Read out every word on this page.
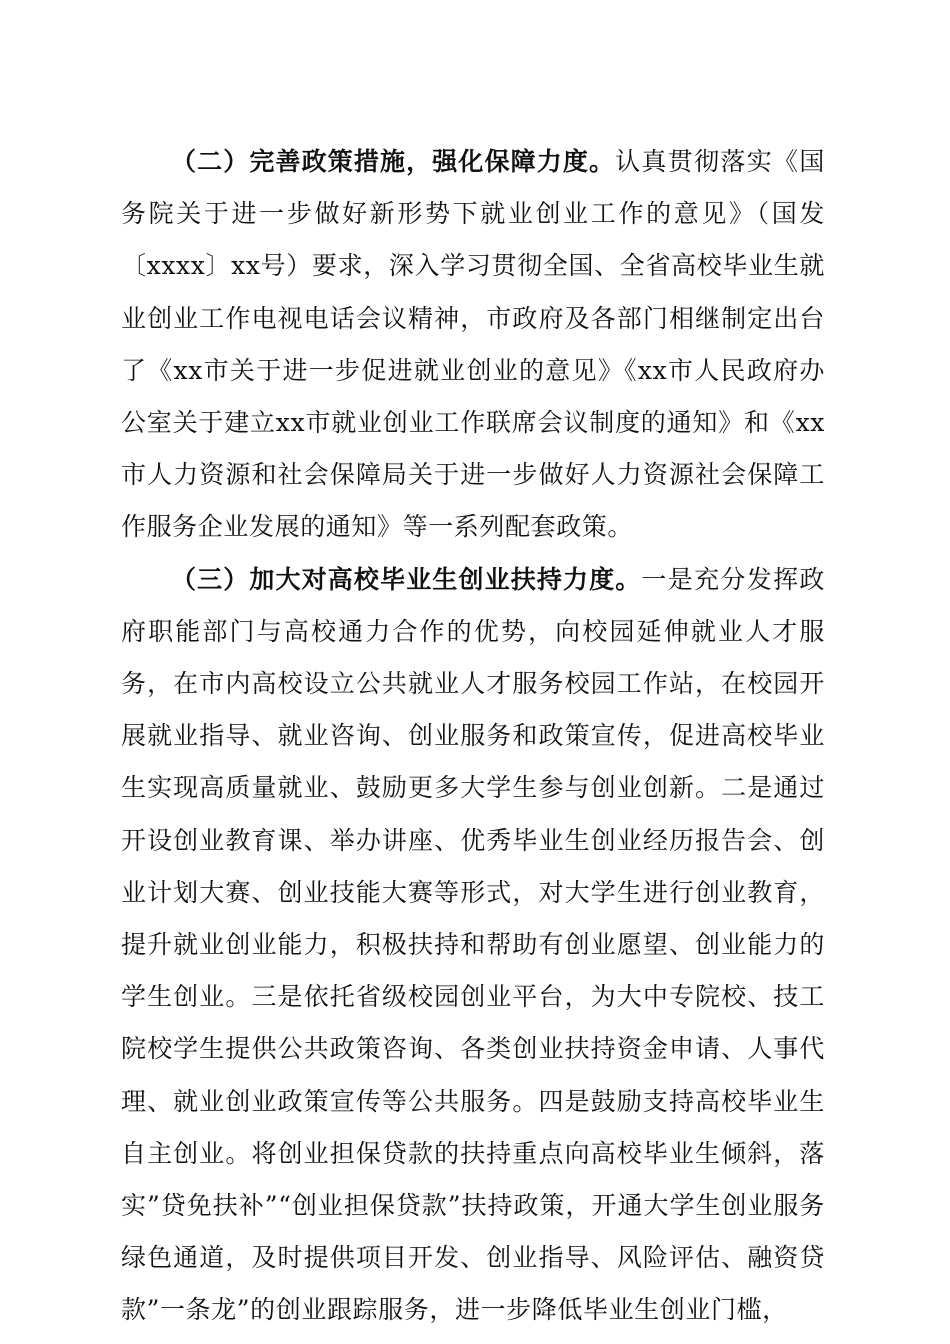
（二）完善政策措施，强化保障力度。认真贯彻落实《国务院关于进一步做好新形势下就业创业工作的意见》（国发〔xxxx〕xx号）要求，深入学习贯彻全国、全省高校毕业生就业创业工作电视电话会议精神，市政府及各部门相继制定出台了《xx市关于进一步促进就业创业的意见》《xx市人民政府办公室关于建立xx市就业创业工作联席会议制度的通知》和《xx市人力资源和社会保障局关于进一步做好人力资源社会保障工作服务企业发展的通知》等一系列配套政策。

（三）加大对高校毕业生创业扶持力度。一是充分发挥政府职能部门与高校通力合作的优势，向校园延伸就业人才服务，在市内高校设立公共就业人才服务校园工作站，在校园开展就业指导、就业咨询、创业服务和政策宣传，促进高校毕业生实现高质量就业、鼓励更多大学生参与创业创新。二是通过开设创业教育课、举办讲座、优秀毕业生创业经历报告会、创业计划大赛、创业技能大赛等形式，对大学生进行创业教育，提升就业创业能力，积极扶持和帮助有创业愿望、创业能力的学生创业。三是依托省级校园创业平台，为大中专院校、技工院校学生提供公共政策咨询、各类创业扶持资金申请、人事代理、就业创业政策宣传等公共服务。四是鼓励支持高校毕业生自主创业。将创业担保贷款的扶持重点向高校毕业生倾斜，落实”贷免扶补”“创业担保贷款”扶持政策，开通大学生创业服务绿色通道，及时提供项目开发、创业指导、风险评估、融资贷款”一条龙”的创业跟踪服务，进一步降低毕业生创业门槛，
